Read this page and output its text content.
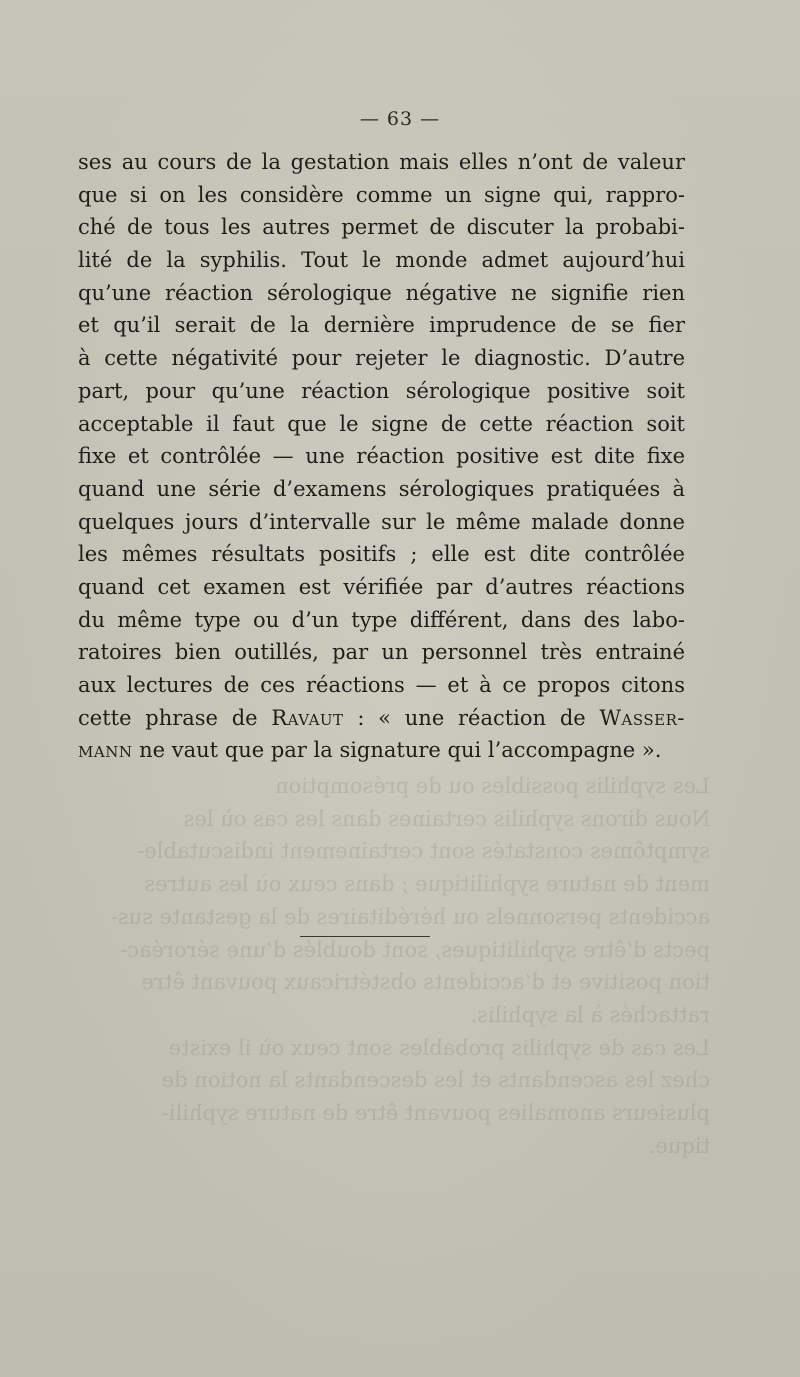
Les syphilis possibles ou de présomption
Nous dirons syphilis certaines dans les cas où les
symptômes constatés sont certainement indiscutable-
ment de nature syphilitique ; dans ceux où les autres
accidents personnels ou héréditaires de la gestante sus-
pects d’être syphilitiques, sont doublés d’une séroréac-
tion positive et d’accidents obstétricaux pouvant être
rattachés à la syphilis.
Les cas de syphilis probables sont ceux où il existe
chez les ascendants et les descendants la notion de
plusieurs anomalies pouvant être de nature syphili-
tique.
— 63 —
ses au cours de la gestation mais elles n’ont de valeur
que si on les considère comme un signe qui, rappro-
ché de tous les autres permet de discuter la probabi-
lité de la syphilis. Tout le monde admet aujourd’hui
qu’une réaction sérologique négative ne signifie rien
et qu’il serait de la dernière imprudence de se fier
à cette négativité pour rejeter le diagnostic. D’autre
part, pour qu’une réaction sérologique positive soit
acceptable il faut que le signe de cette réaction soit
fixe et contrôlée — une réaction positive est dite fixe
quand une série d’examens sérologiques pratiquées à
quelques jours d’intervalle sur le même malade donne
les mêmes résultats positifs ; elle est dite contrôlée
quand cet examen est vérifiée par d’autres réactions
du même type ou d’un type différent, dans des labo-
ratoires bien outillés, par un personnel très entrainé
aux lectures de ces réactions — et à ce propos citons
cette phrase de Ravaut : « une réaction de Wasser-
mann ne vaut que par la signature qui l’accompagne ».
